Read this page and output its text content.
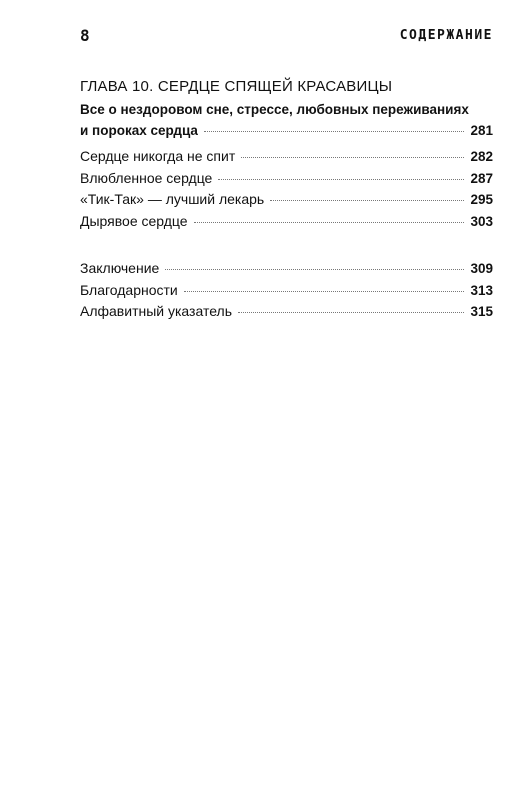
8	СОДЕРЖАНИЕ
ГЛАВА 10. СЕРДЦЕ СПЯЩЕЙ КРАСАВИЦЫ
Все о нездоровом сне, стрессе, любовных переживаниях
и пороках сердца	281
Сердце никогда не спит	282
Влюбленное сердце	287
«Тик-Так» — лучший лекарь	295
Дырявое сердце	303
Заключение	309
Благодарности	313
Алфавитный указатель	315
